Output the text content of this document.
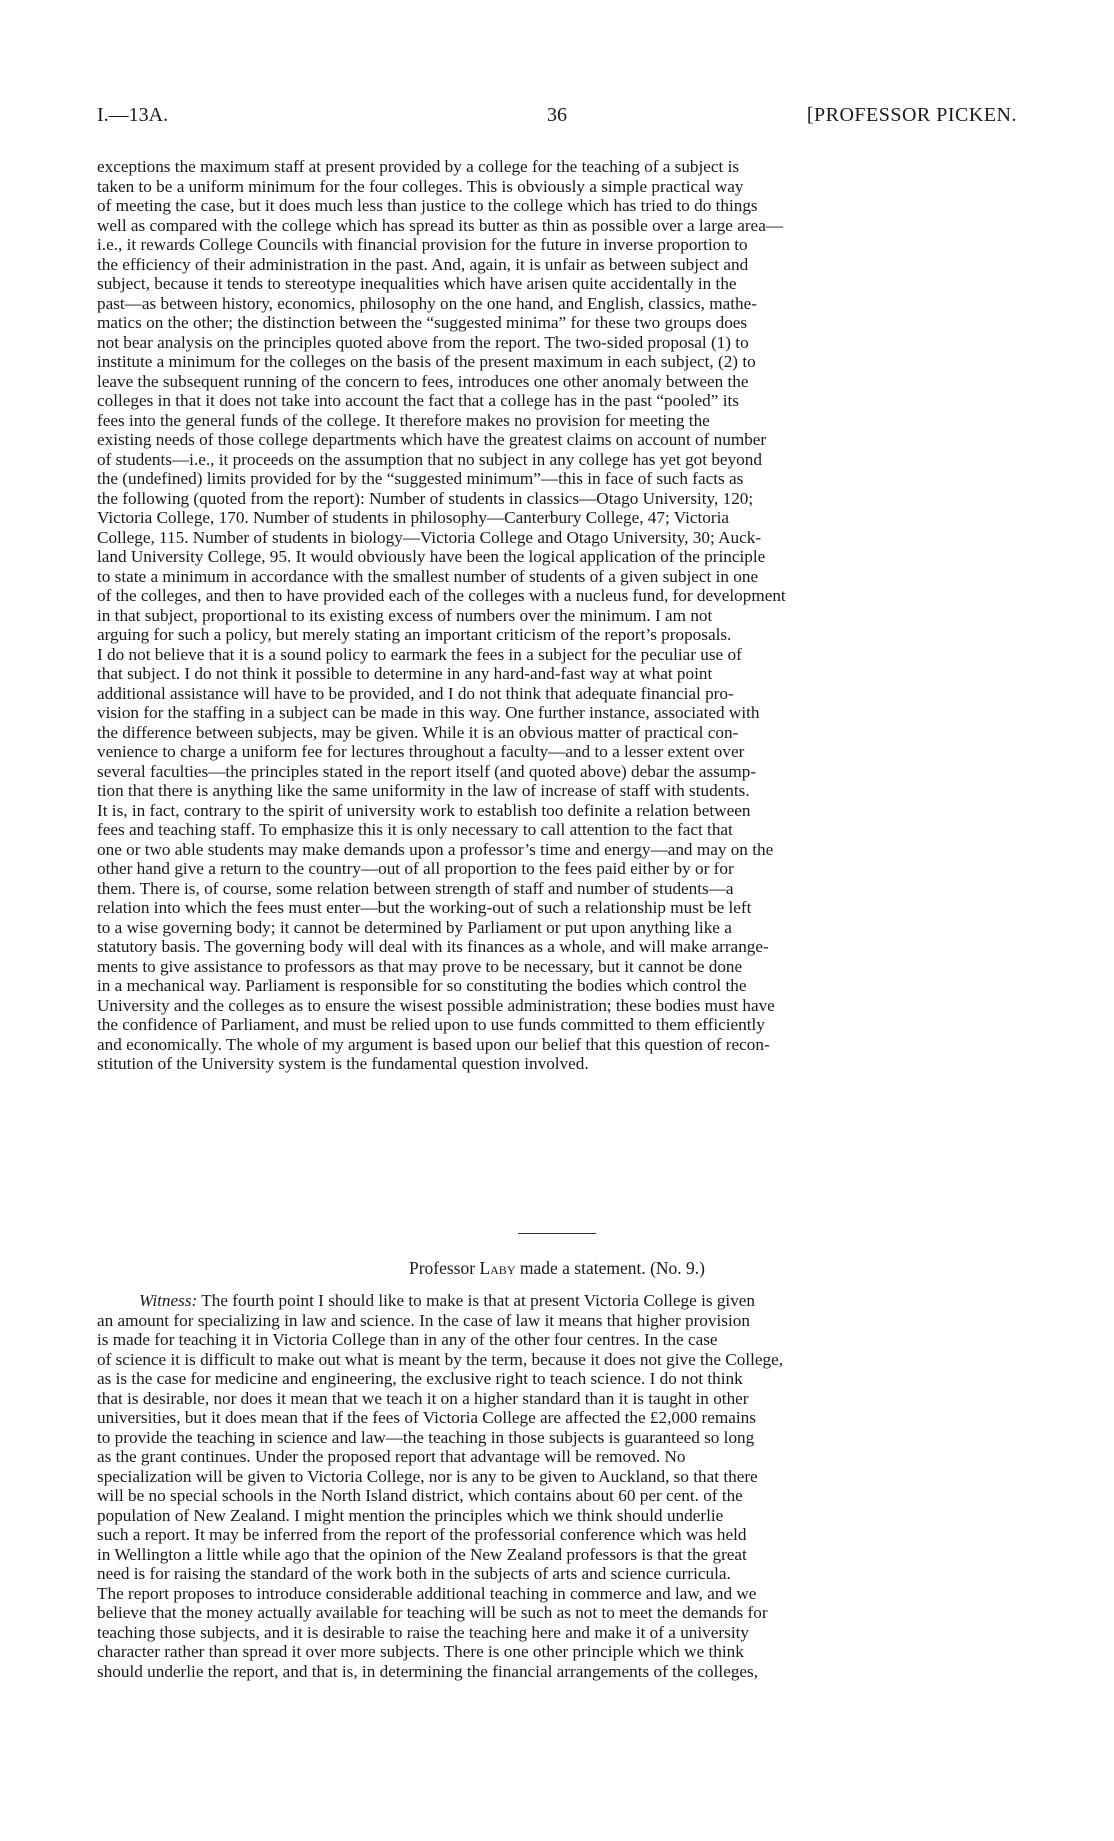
I.—13A.	36	[PROFESSOR PICKEN.
exceptions the maximum staff at present provided by a college for the teaching of a subject is
taken to be a uniform minimum for the four colleges. This is obviously a simple practical way
of meeting the case, but it does much less than justice to the college which has tried to do things
well as compared with the college which has spread its butter as thin as possible over a large area—
i.e., it rewards College Councils with financial provision for the future in inverse proportion to
the efficiency of their administration in the past. And, again, it is unfair as between subject and
subject, because it tends to stereotype inequalities which have arisen quite accidentally in the
past—as between history, economics, philosophy on the one hand, and English, classics, mathe-
matics on the other; the distinction between the “suggested minima” for these two groups does
not bear analysis on the principles quoted above from the report. The two-sided proposal (1) to
institute a minimum for the colleges on the basis of the present maximum in each subject, (2) to
leave the subsequent running of the concern to fees, introduces one other anomaly between the
colleges in that it does not take into account the fact that a college has in the past “pooled” its
fees into the general funds of the college. It therefore makes no provision for meeting the
existing needs of those college departments which have the greatest claims on account of number
of students—i.e., it proceeds on the assumption that no subject in any college has yet got beyond
the (undefined) limits provided for by the “suggested minimum”—this in face of such facts as
the following (quoted from the report): Number of students in classics—Otago University, 120;
Victoria College, 170. Number of students in philosophy—Canterbury College, 47; Victoria
College, 115. Number of students in biology—Victoria College and Otago University, 30; Auck-
land University College, 95. It would obviously have been the logical application of the principle
to state a minimum in accordance with the smallest number of students of a given subject in one
of the colleges, and then to have provided each of the colleges with a nucleus fund, for development
in that subject, proportional to its existing excess of numbers over the minimum. I am not
arguing for such a policy, but merely stating an important criticism of the report’s proposals.
I do not believe that it is a sound policy to earmark the fees in a subject for the peculiar use of
that subject. I do not think it possible to determine in any hard-and-fast way at what point
additional assistance will have to be provided, and I do not think that adequate financial pro-
vision for the staffing in a subject can be made in this way. One further instance, associated with
the difference between subjects, may be given. While it is an obvious matter of practical con-
venience to charge a uniform fee for lectures throughout a faculty—and to a lesser extent over
several faculties—the principles stated in the report itself (and quoted above) debar the assump-
tion that there is anything like the same uniformity in the law of increase of staff with students.
It is, in fact, contrary to the spirit of university work to establish too definite a relation between
fees and teaching staff. To emphasize this it is only necessary to call attention to the fact that
one or two able students may make demands upon a professor’s time and energy—and may on the
other hand give a return to the country—out of all proportion to the fees paid either by or for
them. There is, of course, some relation between strength of staff and number of students—a
relation into which the fees must enter—but the working-out of such a relationship must be left
to a wise governing body; it cannot be determined by Parliament or put upon anything like a
statutory basis. The governing body will deal with its finances as a whole, and will make arrange-
ments to give assistance to professors as that may prove to be necessary, but it cannot be done
in a mechanical way. Parliament is responsible for so constituting the bodies which control the
University and the colleges as to ensure the wisest possible administration; these bodies must have
the confidence of Parliament, and must be relied upon to use funds committed to them efficiently
and economically. The whole of my argument is based upon our belief that this question of recon-
stitution of the University system is the fundamental question involved.
Professor Laby made a statement. (No. 9.)
Witness: The fourth point I should like to make is that at present Victoria College is given
an amount for specializing in law and science. In the case of law it means that higher provision
is made for teaching it in Victoria College than in any of the other four centres. In the case
of science it is difficult to make out what is meant by the term, because it does not give the College,
as is the case for medicine and engineering, the exclusive right to teach science. I do not think
that is desirable, nor does it mean that we teach it on a higher standard than it is taught in other
universities, but it does mean that if the fees of Victoria College are affected the £2,000 remains
to provide the teaching in science and law—the teaching in those subjects is guaranteed so long
as the grant continues. Under the proposed report that advantage will be removed. No
specialization will be given to Victoria College, nor is any to be given to Auckland, so that there
will be no special schools in the North Island district, which contains about 60 per cent. of the
population of New Zealand. I might mention the principles which we think should underlie
such a report. It may be inferred from the report of the professorial conference which was held
in Wellington a little while ago that the opinion of the New Zealand professors is that the great
need is for raising the standard of the work both in the subjects of arts and science curricula.
The report proposes to introduce considerable additional teaching in commerce and law, and we
believe that the money actually available for teaching will be such as not to meet the demands for
teaching those subjects, and it is desirable to raise the teaching here and make it of a university
character rather than spread it over more subjects. There is one other principle which we think
should underlie the report, and that is, in determining the financial arrangements of the colleges,
